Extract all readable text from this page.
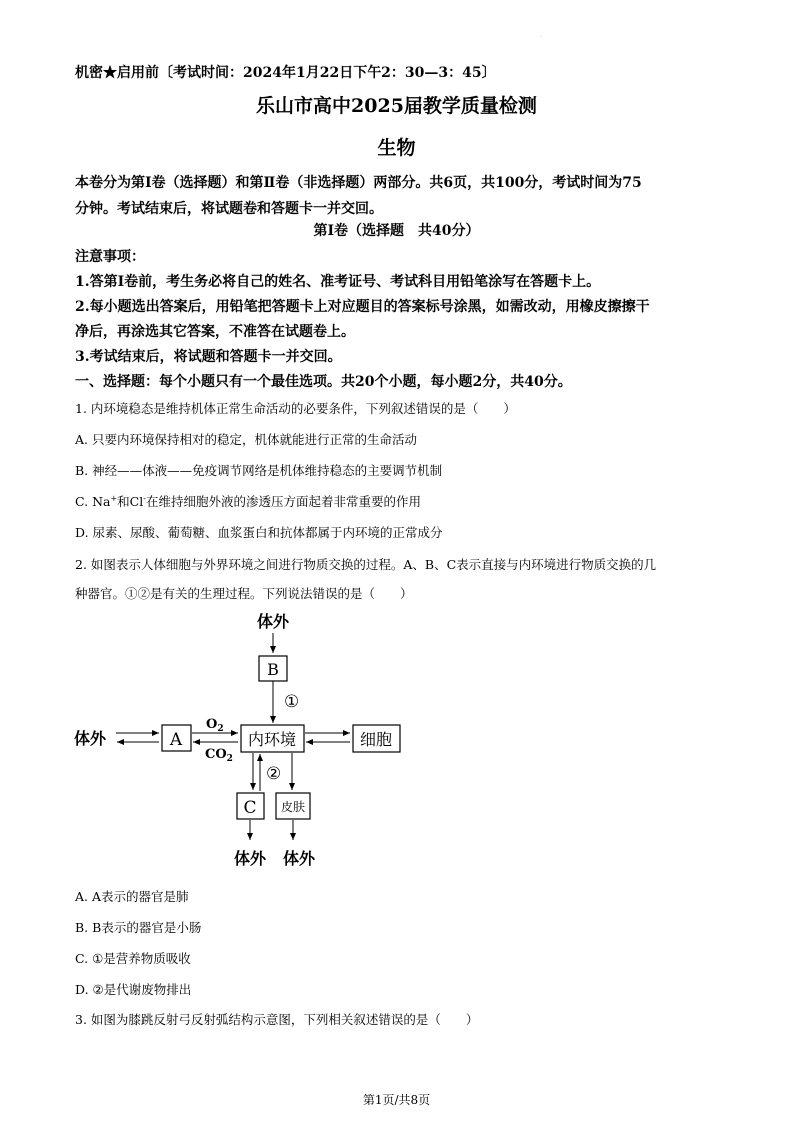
·
机密★启用前〔考试时间：2024年1月22日下午2：30—3：45〕
乐山市高中2025届教学质量检测
生物
本卷分为第Ⅰ卷（选择题）和第Ⅱ卷（非选择题）两部分。共6页，共100分，考试时间为75
分钟。考试结束后，将试题卷和答题卡一并交回。
第Ⅰ卷（选择题　共40分）
注意事项：
1.答第Ⅰ卷前，考生务必将自己的姓名、准考证号、考试科目用铅笔涂写在答题卡上。
2.每小题选出答案后，用铅笔把答题卡上对应题目的答案标号涂黑，如需改动，用橡皮擦擦干
净后，再涂选其它答案，不准答在试题卷上。
3.考试结束后，将试题和答题卡一并交回。
一、选择题：每个小题只有一个最佳选项。共20个小题，每小题2分，共40分。
1. 内环境稳态是维持机体正常生命活动的必要条件，下列叙述错误的是（　　）
A. 只要内环境保持相对的稳定，机体就能进行正常的生命活动
B. 神经——体液——免疫调节网络是机体维持稳态的主要调节机制
C. Na+和Cl-在维持细胞外液的渗透压方面起着非常重要的作用
D. 尿素、尿酸、葡萄糖、血浆蛋白和抗体都属于内环境的正常成分
2. 如图表示人体细胞与外界环境之间进行物质交换的过程。A、B、C表示直接与内环境进行物质交换的几
种器官。①②是有关的生理过程。下列说法错误的是（　　）
体外
B
①
体外	A
$O_2$
$CO_2$
内环境	细胞
②
C 皮肤
体外 体外
A. A表示的器官是肺
B. B表示的器官是小肠
C. ①是营养物质吸收
D. ②是代谢废物排出
3. 如图为膝跳反射弓反射弧结构示意图，下列相关叙述错误的是（　　）
第1页/共8页
